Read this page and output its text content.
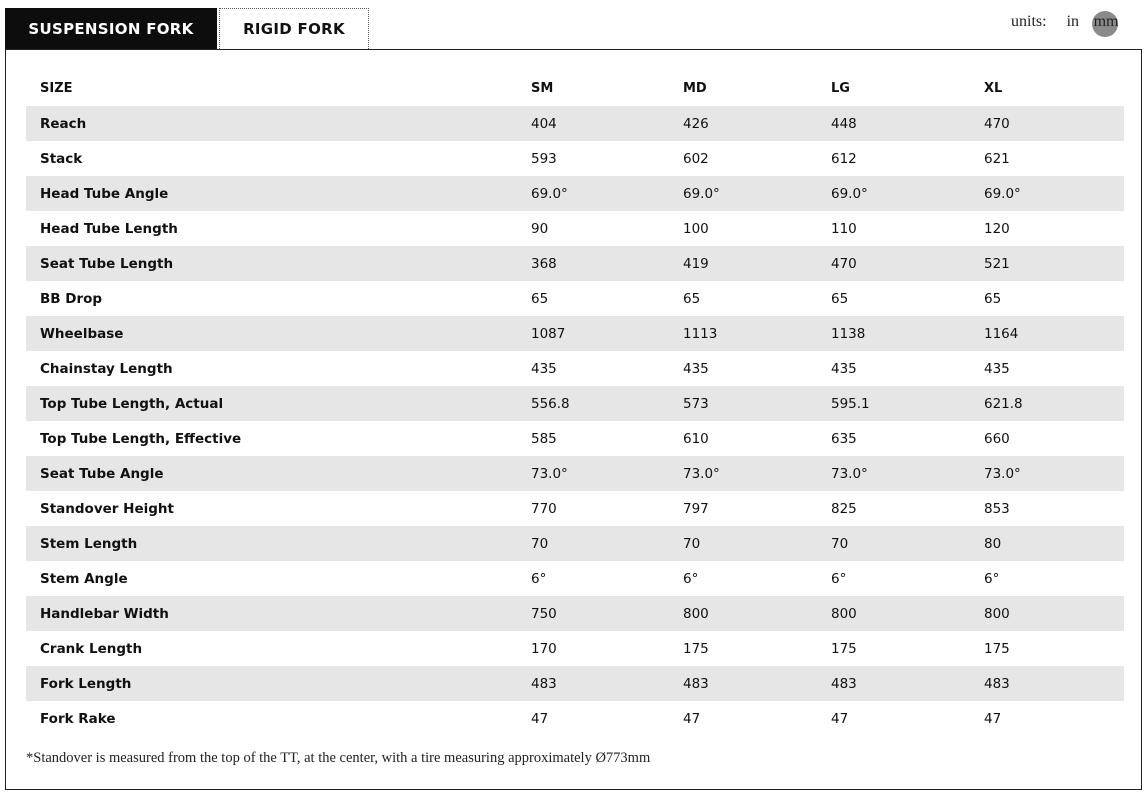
SUSPENSION FORK	RIGID FORK	units: in mm
SIZE	SM	MD	LG	XL
Reach	404	426	448	470
Stack	593	602	612	621
Head Tube Angle	69.0°	69.0°	69.0°	69.0°
Head Tube Length	90	100	110	120
Seat Tube Length	368	419	470	521
BB Drop	65	65	65	65
Wheelbase	1087	1113	1138	1164
Chainstay Length	435	435	435	435
Top Tube Length, Actual	556.8	573	595.1	621.8
Top Tube Length, Effective	585	610	635	660
Seat Tube Angle	73.0°	73.0°	73.0°	73.0°
Standover Height	770	797	825	853
Stem Length	70	70	70	80
Stem Angle	6°	6°	6°	6°
Handlebar Width	750	800	800	800
Crank Length	170	175	175	175
Fork Length	483	483	483	483
Fork Rake	47	47	47	47
*Standover is measured from the top of the TT, at the center, with a tire measuring approximately Ø773mm
